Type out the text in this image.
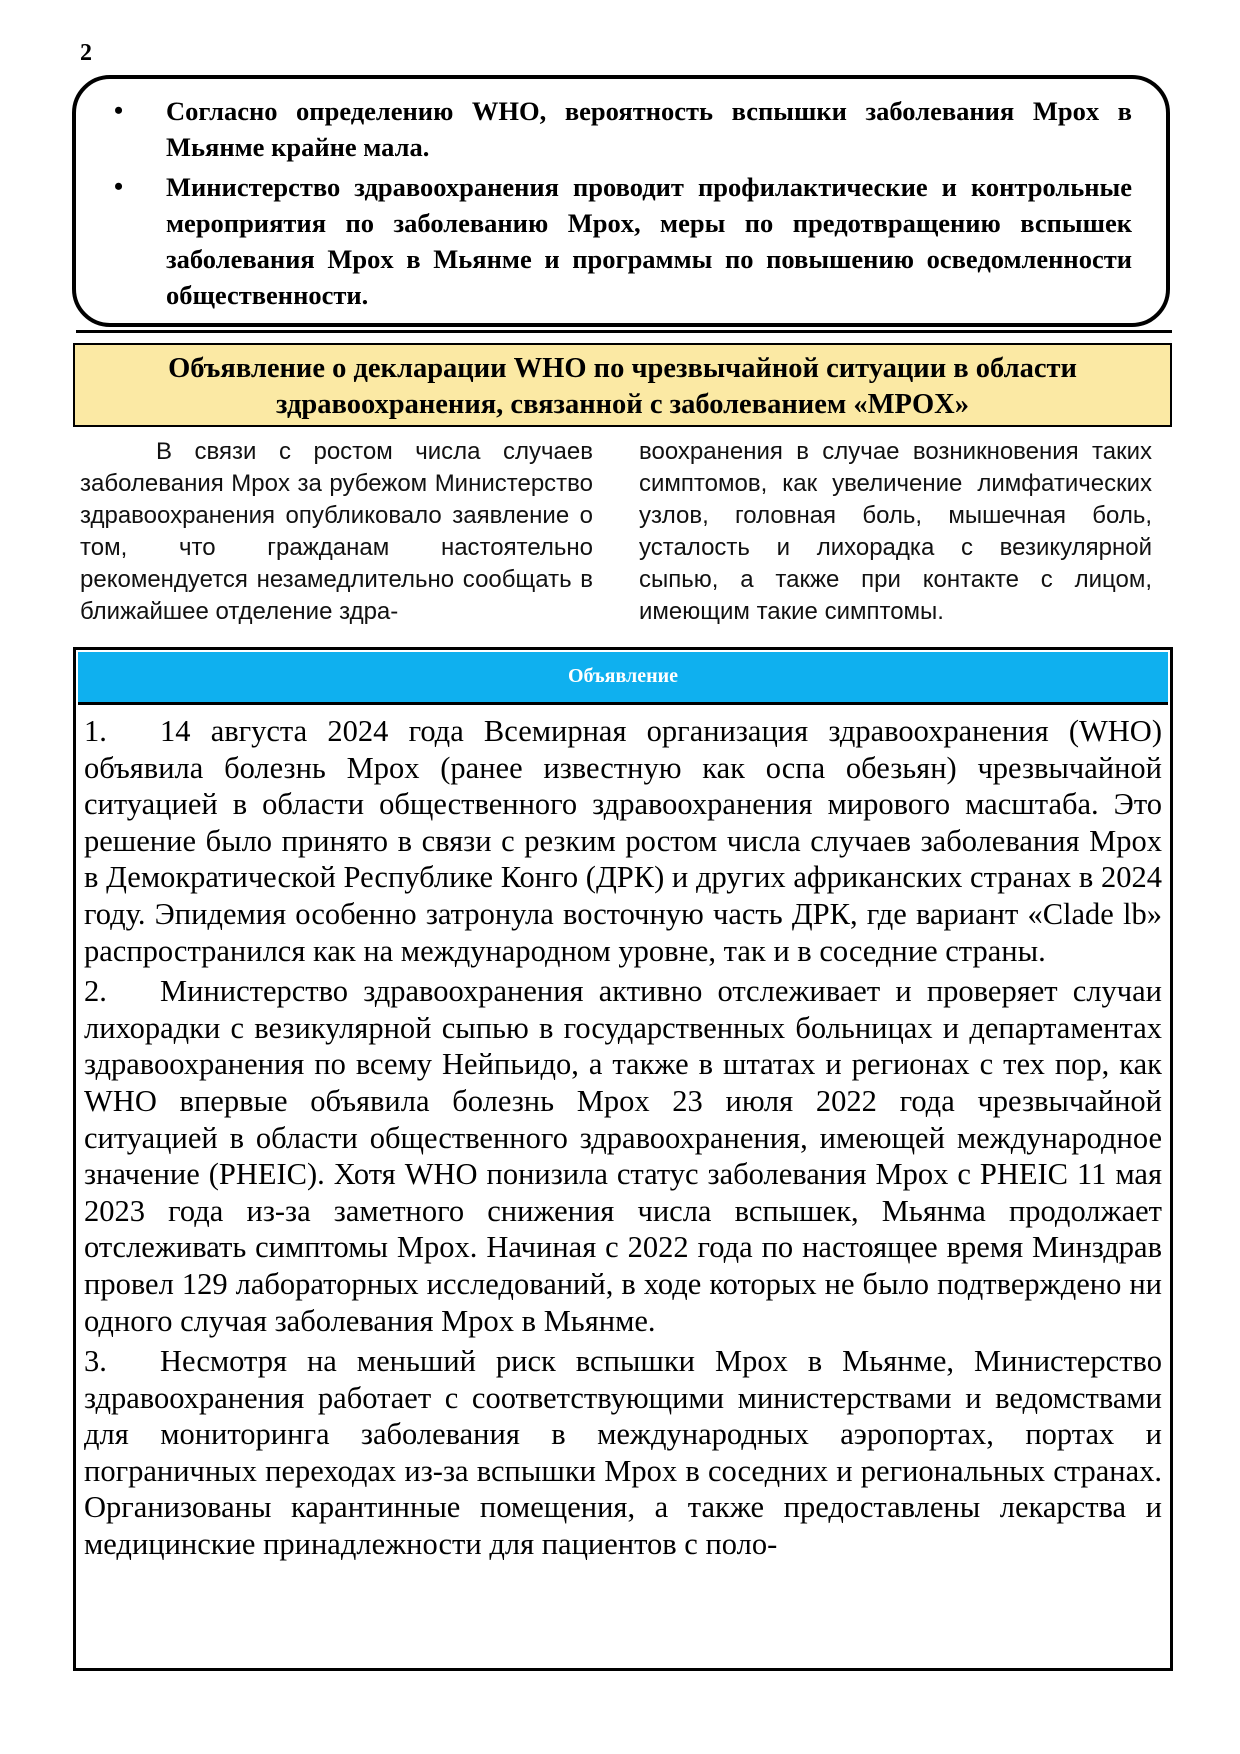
2
• Согласно определению WHO, вероятность вспышки заболевания Mpox в Мьянме крайне мала.
• Министерство здравоохранения проводит профилактические и контрольные мероприятия по заболеванию Mpox, меры по предотвращению вспышек заболевания Mpox в Мьянме и программы по повышению осведомленности общественности.
Объявление о декларации WHO по чрезвычайной ситуации в области
здравоохранения, связанной с заболеванием «MPOX»
В связи с ростом числа случаев заболевания Mpox за рубежом Министерство здравоохранения опубликовало заявление о том, что гражданам настоятельно рекомендуется незамедлительно сообщать в ближайшее отделение здра-
воохранения в случае возникновения таких симптомов, как увеличение лимфатических узлов, головная боль, мышечная боль, усталость и лихорадка с везикулярной сыпью, а также при контакте с лицом, имеющим такие симптомы.
Объявление

1. 14 августа 2024 года Всемирная организация здравоохранения (WHO) объявила болезнь Mpox (ранее известную как оспа обезьян) чрезвычайной ситуацией в области общественного здравоохранения мирового масштаба. Это решение было принято в связи с резким ростом числа случаев заболевания Mpox в Демократической Республике Конго (ДРК) и других африканских странах в 2024 году. Эпидемия особенно затронула восточную часть ДРК, где вариант «Clade lb» распространился как на международном уровне, так и в соседние страны.

2. Министерство здравоохранения активно отслеживает и проверяет случаи лихорадки с везикулярной сыпью в государственных больницах и департаментах здравоохранения по всему Нейпьидо, а также в штатах и регионах с тех пор, как WHO впервые объявила болезнь Mpox 23 июля 2022 года чрезвычайной ситуацией в области общественного здравоохранения, имеющей международное значение (PHEIC). Хотя WHO понизила статус заболевания Mpox с PHEIC 11 мая 2023 года из-за заметного снижения числа вспышек, Мьянма продолжает отслеживать симптомы Mpox. Начиная с 2022 года по настоящее время Минздрав провел 129 лабораторных исследований, в ходе которых не было подтверждено ни одного случая заболевания Mpox в Мьянме.

3. Несмотря на меньший риск вспышки Mpox в Мьянме, Министерство здравоохранения работает с соответствующими министерствами и ведомствами для мониторинга заболевания в международных аэропортах, портах и пограничных переходах из-за вспышки Mpox в соседних и региональных странах. Организованы карантинные помещения, а также предоставлены лекарства и медицинские принадлежности для пациентов с поло-
